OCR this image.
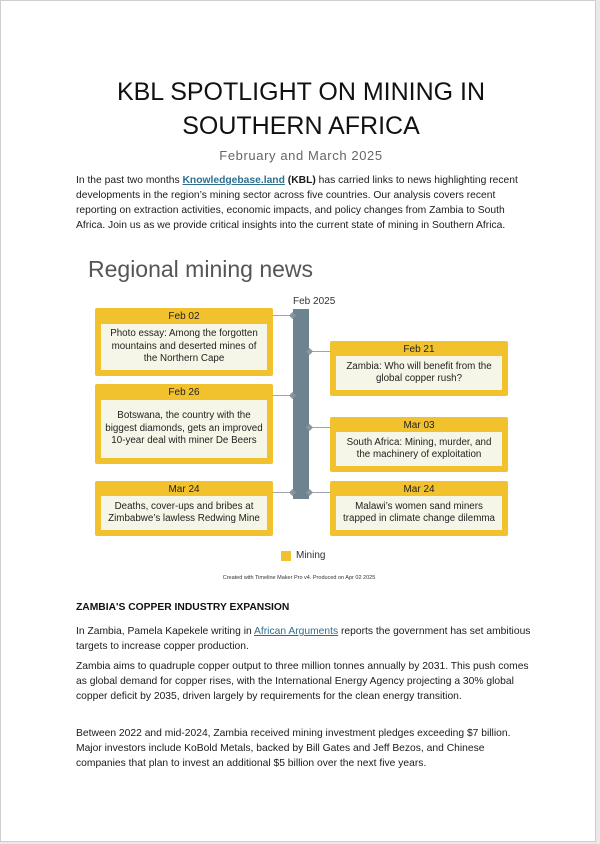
KBL SPOTLIGHT ON MINING IN
SOUTHERN AFRICA
February and March 2025
In the past two months Knowledgebase.land (KBL) has carried links to news highlighting recent developments in the region’s mining sector across five countries. Our analysis covers recent reporting on extraction activities, economic impacts, and policy changes from Zambia to South Africa. Join us as we provide critical insights into the current state of mining in Southern Africa.
Regional mining news
Feb 2025
Feb 02
Photo essay: Among the forgotten mountains and deserted mines of the Northern Cape
Feb 26
Botswana, the country with the biggest diamonds, gets an improved 10-year deal with miner De Beers
Mar 24
Deaths, cover-ups and bribes at Zimbabwe’s lawless Redwing Mine
Feb 21
Zambia: Who will benefit from the global copper rush?
Mar 03
South Africa: Mining, murder, and the machinery of exploitation
Mar 24
Malawi’s women sand miners trapped in climate change dilemma
Mining
Created with Timeline Maker Pro v4. Produced on Apr 02 2025
ZAMBIA'S COPPER INDUSTRY EXPANSION
In Zambia, Pamela Kapekele writing in African Arguments reports the government has set ambitious targets to increase copper production.
Zambia aims to quadruple copper output to three million tonnes annually by 2031. This push comes as global demand for copper rises, with the International Energy Agency projecting a 30% global copper deficit by 2035, driven largely by requirements for the clean energy transition.
Between 2022 and mid-2024, Zambia received mining investment pledges exceeding $7 billion. Major investors include KoBold Metals, backed by Bill Gates and Jeff Bezos, and Chinese companies that plan to invest an additional $5 billion over the next five years.
